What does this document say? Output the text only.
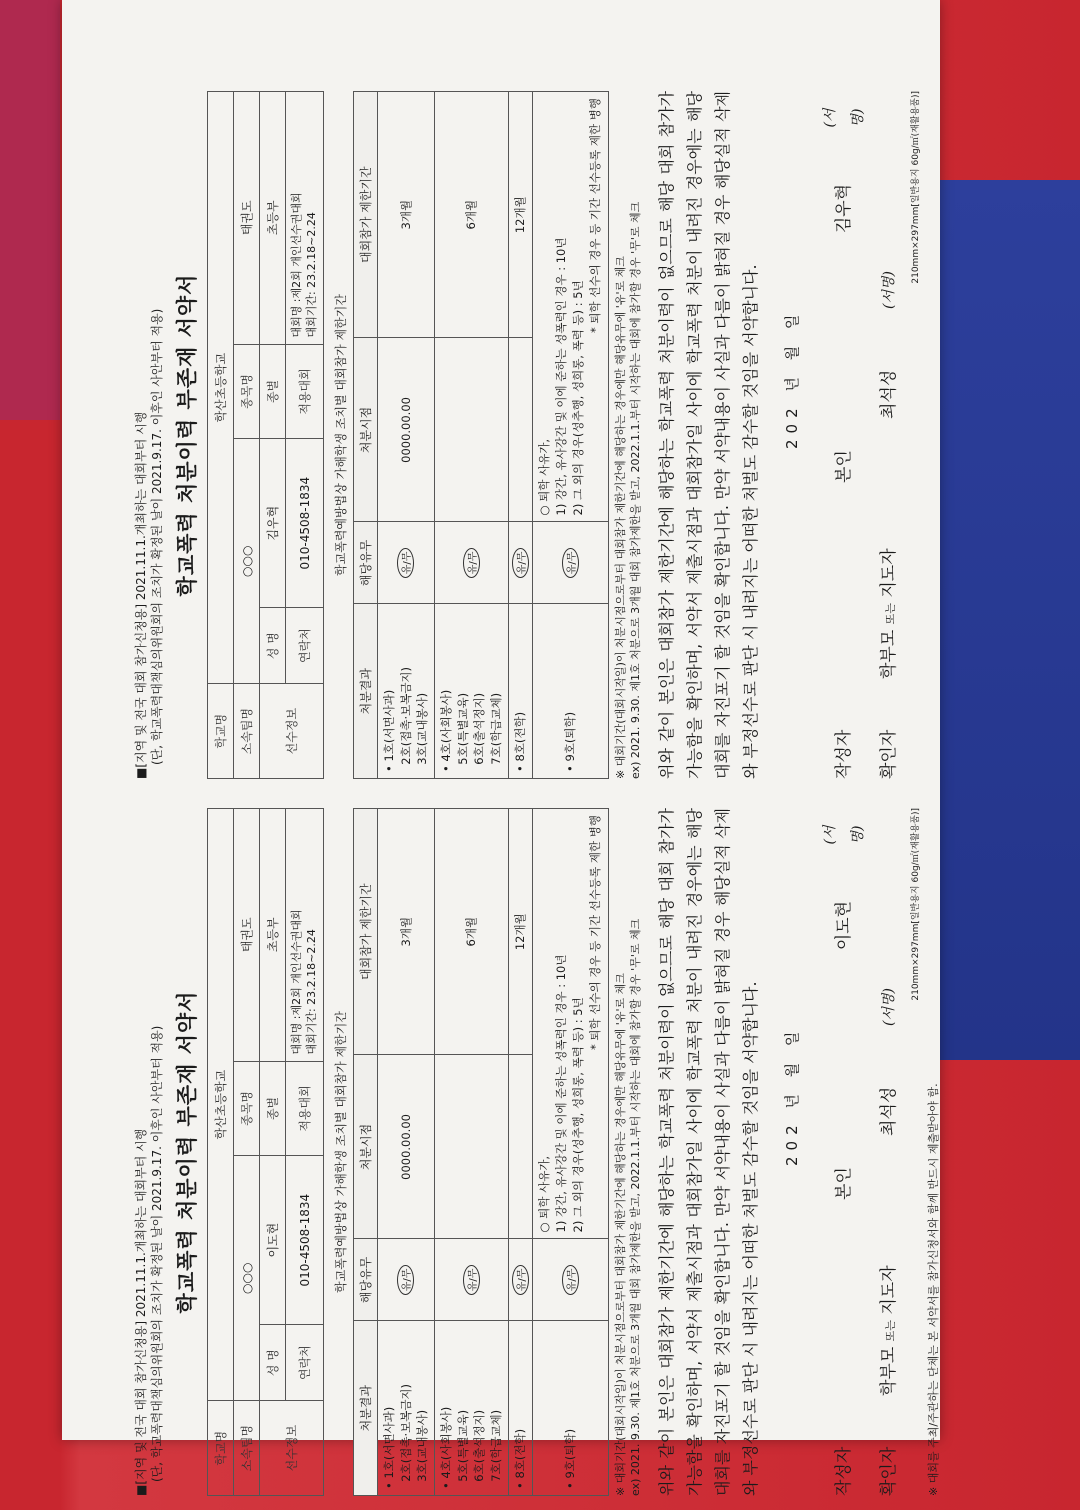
■[지역 및 전국 대회 참가신청용] 2021.11.1.개최하는 대회부터 시행 (단, 학교폭력대책심의위원회의 조치가 확정된 날이 2021.9.17. 이후인 사안부터 적용) 학교폭력 처분이력 부존재 서약서
학교명	학산초등학교			
소속팀명	○○○		종목명	태권도
선수정보	성 명	김우혁	종별	초등부
	연락처	010-4508-1834	적용대회	대회명 :제2회 개인선수권대회 대회기간: 23.2.18~2.24
학교폭력예방법상 가해학생 조치별 대회참가 제한기간
처분결과	해당유무	처분시점	대회참가 제한기간
• 1호(서면사과)
2호(접촉·보복금지)
3호(교내봉사)	유/무	0000.00.00	3개월
• 4호(사회봉사)
5호(특별교육)
6호(출석정지)
7호(학급교체)	유/무		6개월
• 8호(전학)	유/무		12개월
• 9호(퇴학)	유/무	○ 퇴학 사유가, 1) 강간, 유사강간 및 이에 준하는 성폭력인 경우 : 10년 2) 그 외의 경우(성추행, 성희롱, 폭력 등) : 5년
* 퇴학 선수의 경우 등 기간 선수등록 제한 병행	
※ 대회기간(대회시작일)이 처분시점으로부터 대회참가 제한기간에 해당하는 경우에만 해당유무에 '유'로 체크 ex) 2021. 9.30. 제1호 처분으로 3개월 대회 참가제한을 받고, 2022.1.1.부터 시작하는 대회에 참가할 경우 '무'로 체크 위와 같이 본인은 대회참가 제한기간에 해당하는 학교폭력 처분이력이 없으므로 해당 대회 참가가 가능함을 확인하며, 서약서 제출시점과 대회참가일 사이에 학교폭력 처분이 내려진 경우에는 해당대회를 자진포기 할 것임을 확인합니다. 만약 서약내용이 사실과 다름이 밝혀질 경우 해당실적 삭제와 부정선수로 판단 시 내려지는 어떠한 처벌도 감수할 것임을 서약합니다.	202 년 월 일
작성자
본인
김우혁
(서명)
확인자
학부모 또는 지도자
최석성
(서명)
210mm×297mm[일반용지 60g/㎡(재활용품)]
■[지역 및 전국 대회 참가신청용] 2021.11.1.개최하는 대회부터 시행 (단, 학교폭력대책심의위원회의 조치가 확정된 날이 2021.9.17. 이후인 사안부터 적용) 학교폭력 처분이력 부존재 서약서
학교명	학산초등학교			
소속팀명	○○○		종목명	태권도
선수정보	성 명	이도현	종별	초등부
	연락처	010-4508-1834	적용대회	대회명 :제2회 개인선수권대회 대회기간: 23.2.18~2.24
학교폭력예방법상 가해학생 조치별 대회참가 제한기간
처분결과	해당유무	처분시점	대회참가 제한기간
• 1호(서면사과)
2호(접촉·보복금지)
3호(교내봉사)	유/무	0000.00.00	3개월
• 4호(사회봉사)
5호(특별교육)
6호(출석정지)
7호(학급교체)	유/무		6개월
• 8호(전학)	유/무		12개월
• 9호(퇴학)	유/무	○ 퇴학 사유가, 1) 강간, 유사강간 및 이에 준하는 성폭력인 경우 : 10년 2) 그 외의 경우(성추행, 성희롱, 폭력 등) : 5년
* 퇴학 선수의 경우 등 기간 선수등록 제한 병행	
※ 대회기간(대회시작일)이 처분시점으로부터 대회참가 제한기간에 해당하는 경우에만 해당유무에 '유'로 체크 ex) 2021. 9.30. 제1호 처분으로 3개월 대회 참가제한을 받고, 2022.1.1.부터 시작하는 대회에 참가할 경우 '무'로 체크 위와 같이 본인은 대회참가 제한기간에 해당하는 학교폭력 처분이력이 없으므로 해당 대회 참가가 가능함을 확인하며, 서약서 제출시점과 대회참가일 사이에 학교폭력 처분이 내려진 경우에는 해당대회를 자진포기 할 것임을 확인합니다. 만약 서약내용이 사실과 다름이 밝혀질 경우 해당실적 삭제와 부정선수로 판단 시 내려지는 어떠한 처벌도 감수할 것임을 서약합니다.	202 년 월 일
작성자
본인
이도현
(서명)
확인자
학부모 또는 지도자
최석성
(서명)
210mm×297mm[일반용지 60g/㎡(재활용품)]
※ 대회를 주최/주관하는 단체는 본 서약서를 참가신청서와 함께 반드시 제출받아야 함.
